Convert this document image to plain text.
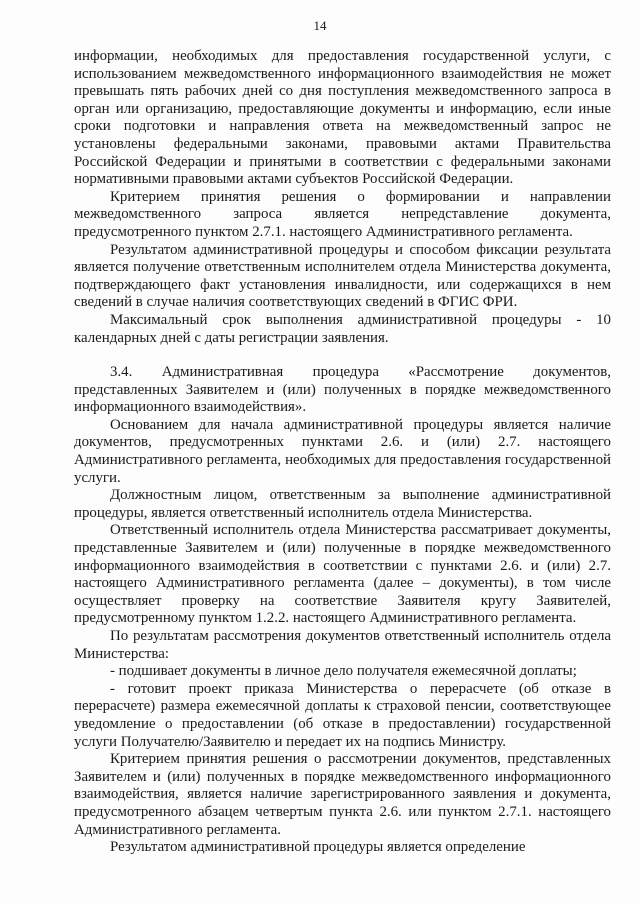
14

информации, необходимых для предоставления государственной услуги, с использованием межведомственного информационного взаимодействия не может превышать пять рабочих дней со дня поступления межведомственного запроса в орган или организацию, предоставляющие документы и информацию, если иные сроки подготовки и направления ответа на межведомственный запрос не установлены федеральными законами, правовыми актами Правительства Российской Федерации и принятыми в соответствии с федеральными законами нормативными правовыми актами субъектов Российской Федерации.

Критерием принятия решения о формировании и направлении межведомственного запроса является непредставление документа, предусмотренного пунктом 2.7.1. настоящего Административного регламента.

Результатом административной процедуры и способом фиксации результата является получение ответственным исполнителем отдела Министерства документа, подтверждающего факт установления инвалидности, или содержащихся в нем сведений в случае наличия соответствующих сведений в ФГИС ФРИ.

Максимальный срок выполнения административной процедуры - 10 календарных дней с даты регистрации заявления.

3.4. Административная процедура «Рассмотрение документов, представленных Заявителем и (или) полученных в порядке межведомственного информационного взаимодействия».

Основанием для начала административной процедуры является наличие документов, предусмотренных пунктами 2.6. и (или) 2.7. настоящего Административного регламента, необходимых для предоставления государственной услуги.

Должностным лицом, ответственным за выполнение административной процедуры, является ответственный исполнитель отдела Министерства.

Ответственный исполнитель отдела Министерства рассматривает документы, представленные Заявителем и (или) полученные в порядке межведомственного информационного взаимодействия в соответствии с пунктами 2.6. и (или) 2.7. настоящего Административного регламента (далее – документы), в том числе осуществляет проверку на соответствие Заявителя кругу Заявителей, предусмотренному пунктом 1.2.2. настоящего Административного регламента.

По результатам рассмотрения документов ответственный исполнитель отдела Министерства:

- подшивает документы в личное дело получателя ежемесячной доплаты;

- готовит проект приказа Министерства о перерасчете (об отказе в перерасчете) размера ежемесячной доплаты к страховой пенсии, соответствующее уведомление о предоставлении (об отказе в предоставлении) государственной услуги Получателю/Заявителю и передает их на подпись Министру.

Критерием принятия решения о рассмотрении документов, представленных Заявителем и (или) полученных в порядке межведомственного информационного взаимодействия, является наличие зарегистрированного заявления и документа, предусмотренного абзацем четвертым пункта 2.6. или пунктом 2.7.1. настоящего Административного регламента.

Результатом административной процедуры является определение
